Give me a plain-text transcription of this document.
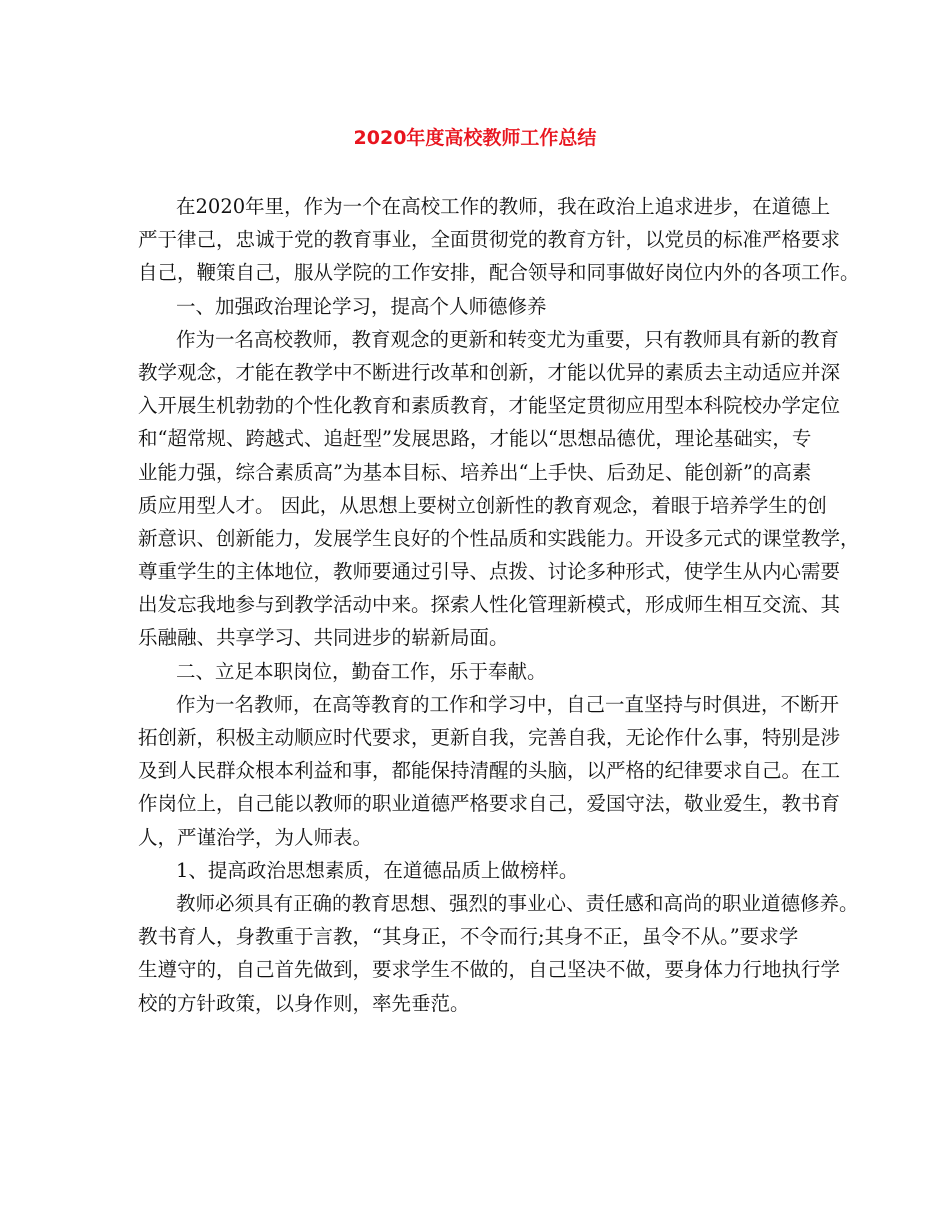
2020年度高校教师工作总结
在2020年里，作为一个在高校工作的教师，我在政治上追求进步，在道德上
严于律己，忠诚于党的教育事业，全面贯彻党的教育方针，以党员的标准严格要求
自己，鞭策自己，服从学院的工作安排，配合领导和同事做好岗位内外的各项工作。
一、加强政治理论学习，提高个人师德修养
作为一名高校教师，教育观念的更新和转变尤为重要，只有教师具有新的教育
教学观念，才能在教学中不断进行改革和创新，才能以优异的素质去主动适应并深
入开展生机勃勃的个性化教育和素质教育，才能坚定贯彻应用型本科院校办学定位
和“超常规、跨越式、追赶型”发展思路，才能以“思想品德优，理论基础实，专
业能力强，综合素质高”为基本目标、培养出“上手快、后劲足、能创新”的高素
质应用型人才。 因此，从思想上要树立创新性的教育观念，着眼于培养学生的创
新意识、创新能力，发展学生良好的个性品质和实践能力。开设多元式的课堂教学，
尊重学生的主体地位，教师要通过引导、点拨、讨论多种形式，使学生从内心需要
出发忘我地参与到教学活动中来。探索人性化管理新模式，形成师生相互交流、其
乐融融、共享学习、共同进步的崭新局面。
二、立足本职岗位，勤奋工作，乐于奉献。
作为一名教师，在高等教育的工作和学习中，自己一直坚持与时俱进，不断开
拓创新，积极主动顺应时代要求，更新自我，完善自我，无论作什么事，特别是涉
及到人民群众根本利益和事，都能保持清醒的头脑，以严格的纪律要求自己。在工
作岗位上，自己能以教师的职业道德严格要求自己，爱国守法，敬业爱生，教书育
人，严谨治学，为人师表。
1、提高政治思想素质，在道德品质上做榜样。
教师必须具有正确的教育思想、强烈的事业心、责任感和高尚的职业道德修养。
教书育人，身教重于言教，“其身正，不令而行;其身不正，虽令不从。”要求学
生遵守的，自己首先做到，要求学生不做的，自己坚决不做，要身体力行地执行学
校的方针政策，以身作则，率先垂范。
